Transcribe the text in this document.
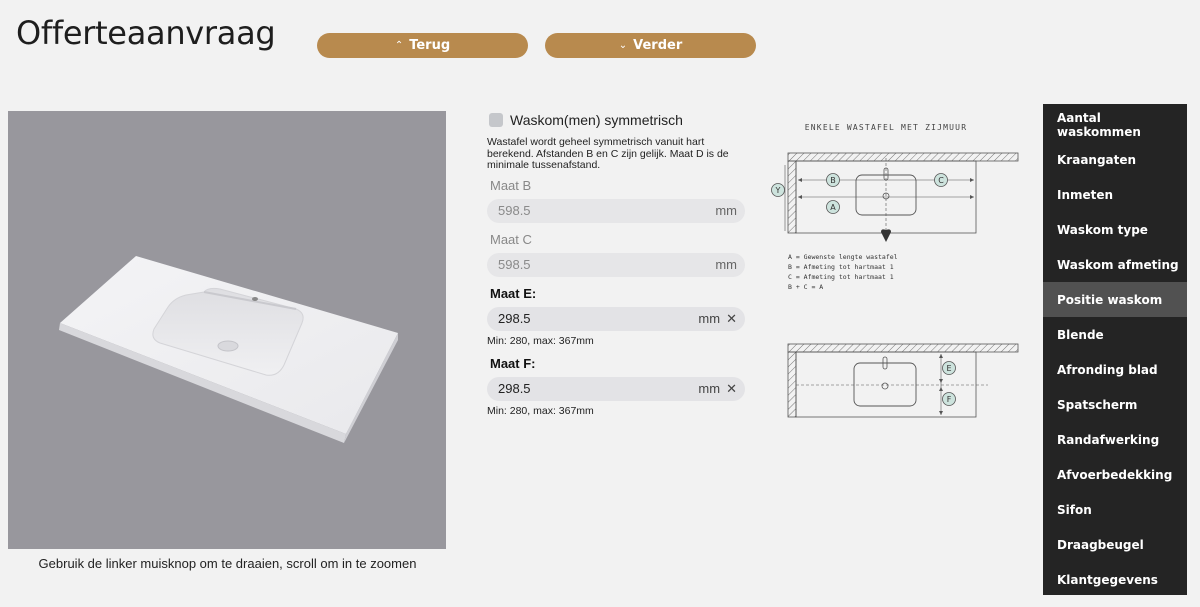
Offerteaanvraag	⌃ Terug	⌄ Verder
Gebruik de linker muisknop om te draaien, scroll om in te zoomen
Waskom(men) symmetrisch
Wastafel wordt geheel symmetrisch vanuit hart berekend. Afstanden B en C zijn gelijk. Maat D is de minimale tussenafstand.
Maat B
598.5	mm
Maat C
598.5	mm
Maat E:
298.5	mm ✕
Min: 280, max: 367mm
Maat F:
298.5	mm ✕
Min: 280, max: 367mm
ENKELE WASTAFEL MET ZIJMUUR
B	C
A
Y
A = Gewenste lengte wastafel
B = Afmeting tot hartmaat 1
C = Afmeting tot hartmaat 1
B + C = A
E
F
Aantal waskommen
Kraangaten
Inmeten
Waskom type
Waskom afmeting
Positie waskom
Blende
Afronding blad
Spatscherm
Randafwerking
Afvoerbedekking
Sifon
Draagbeugel
Klantgegevens
